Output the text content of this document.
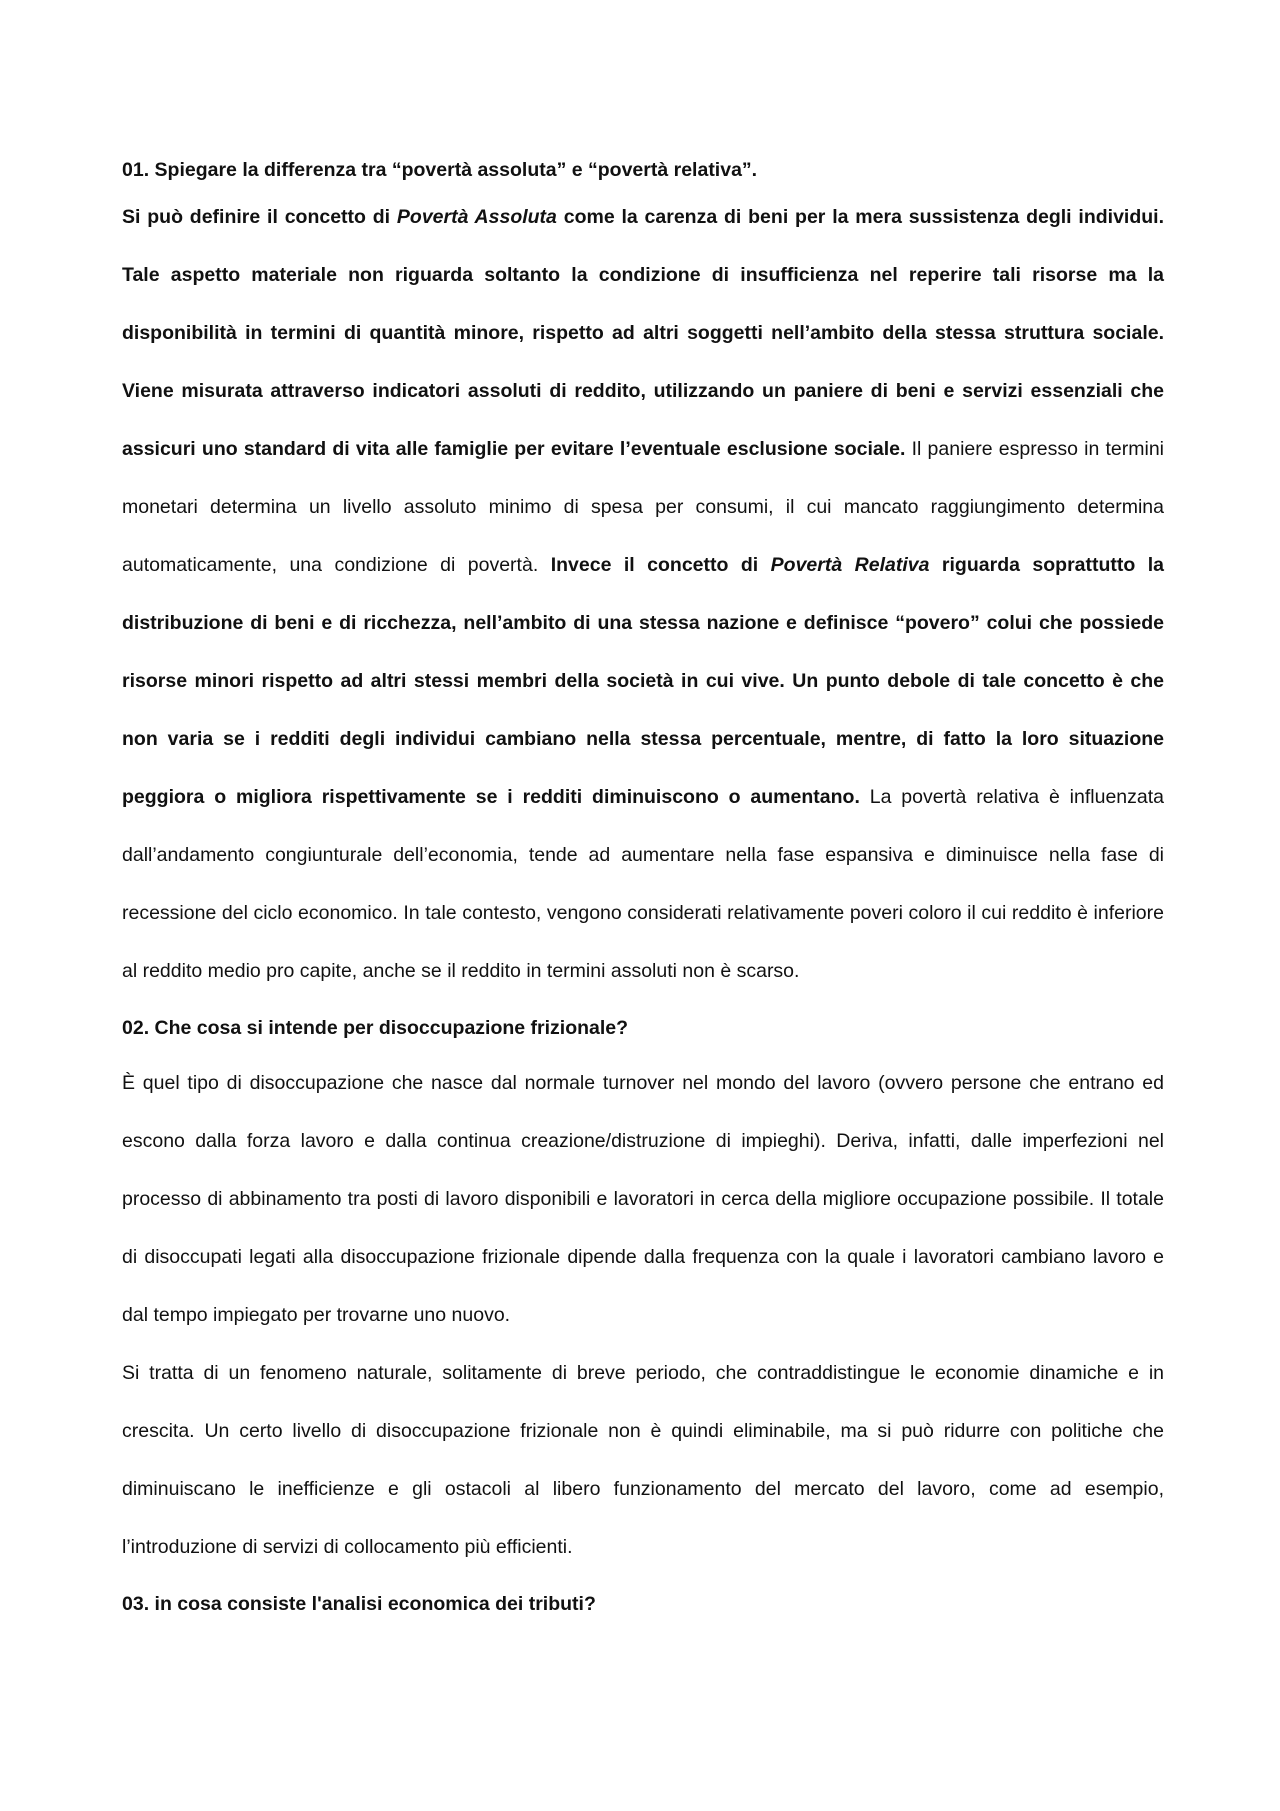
01. Spiegare la differenza tra “povertà assoluta” e “povertà relativa”.

Si può definire il concetto di Povertà Assoluta come la carenza di beni per la mera sussistenza degli individui. Tale aspetto materiale non riguarda soltanto la condizione di insufficienza nel reperire tali risorse ma la disponibilità in termini di quantità minore, rispetto ad altri soggetti nell’ambito della stessa struttura sociale. Viene misurata attraverso indicatori assoluti di reddito, utilizzando un paniere di beni e servizi essenziali che assicuri uno standard di vita alle famiglie per evitare l’eventuale esclusione sociale. Il paniere espresso in termini monetari determina un livello assoluto minimo di spesa per consumi, il cui mancato raggiungimento determina automaticamente, una condizione di povertà. Invece il concetto di Povertà Relativa riguarda soprattutto la distribuzione di beni e di ricchezza, nell’ambito di una stessa nazione e definisce “povero” colui che possiede risorse minori rispetto ad altri stessi membri della società in cui vive. Un punto debole di tale concetto è che non varia se i redditi degli individui cambiano nella stessa percentuale, mentre, di fatto la loro situazione peggiora o migliora rispettivamente se i redditi diminuiscono o aumentano. La povertà relativa è influenzata dall’andamento congiunturale dell’economia, tende ad aumentare nella fase espansiva e diminuisce nella fase di recessione del ciclo economico. In tale contesto, vengono considerati relativamente poveri coloro il cui reddito è inferiore al reddito medio pro capite, anche se il reddito in termini assoluti non è scarso.

02. Che cosa si intende per disoccupazione frizionale?

È quel tipo di disoccupazione che nasce dal normale turnover nel mondo del lavoro (ovvero persone che entrano ed escono dalla forza lavoro e dalla continua creazione/distruzione di impieghi). Deriva, infatti, dalle imperfezioni nel processo di abbinamento tra posti di lavoro disponibili e lavoratori in cerca della migliore occupazione possibile. Il totale di disoccupati legati alla disoccupazione frizionale dipende dalla frequenza con la quale i lavoratori cambiano lavoro e dal tempo impiegato per trovarne uno nuovo.

Si tratta di un fenomeno naturale, solitamente di breve periodo, che contraddistingue le economie dinamiche e in crescita. Un certo livello di disoccupazione frizionale non è quindi eliminabile, ma si può ridurre con politiche che diminuiscano le inefficienze e gli ostacoli al libero funzionamento del mercato del lavoro, come ad esempio, l’introduzione di servizi di collocamento più efficienti.

03. in cosa consiste l'analisi economica dei tributi?
